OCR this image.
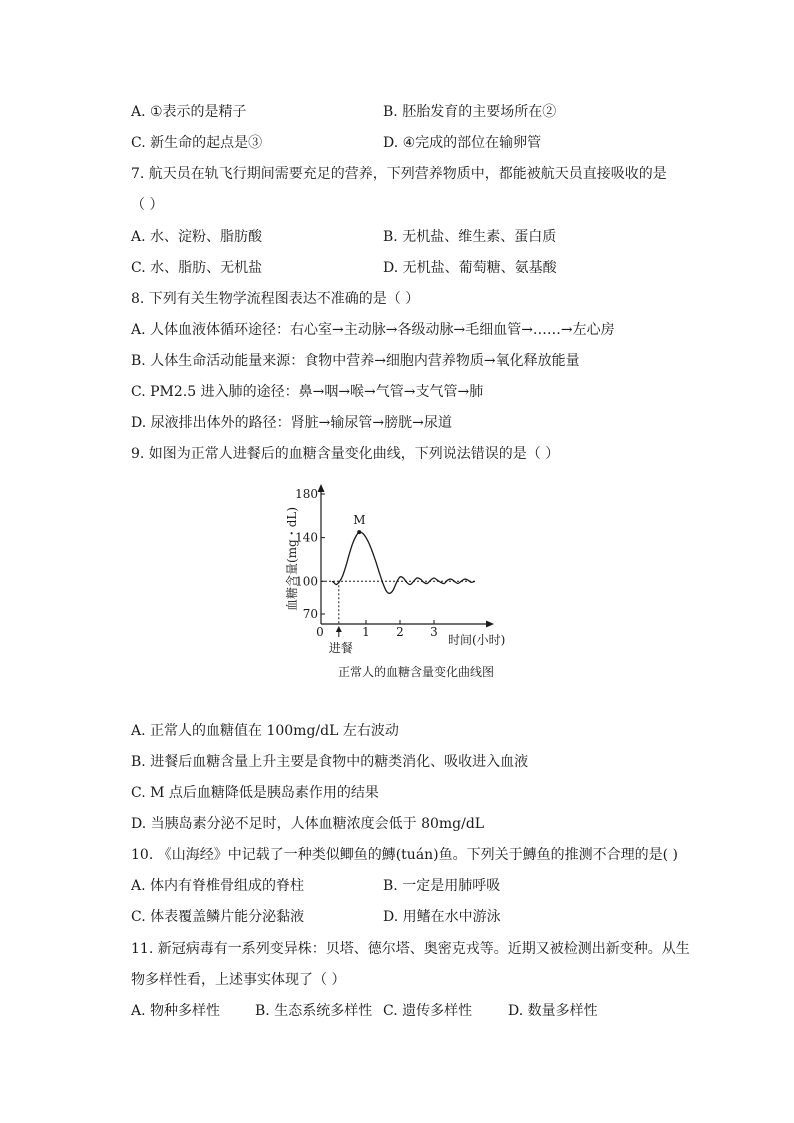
A. ①表示的是精子	B. 胚胎发育的主要场所在②
C. 新生命的起点是③	D. ④完成的部位在输卵管
7. 航天员在轨飞行期间需要充足的营养，下列营养物质中，都能被航天员直接吸收的是
（ ）
A. 水、淀粉、脂肪酸	B. 无机盐、维生素、蛋白质
C. 水、脂肪、无机盐	D. 无机盐、葡萄糖、氨基酸
8. 下列有关生物学流程图表达不准确的是（ ）
A. 人体血液体循环途径：右心室→主动脉→各级动脉→毛细血管→……→左心房
B. 人体生命活动能量来源：食物中营养→细胞内营养物质→氧化释放能量
C. PM2.5 进入肺的途径：鼻→咽→喉→气管→支气管→肺
D. 尿液排出体外的路径：肾脏→输尿管→膀胱→尿道
9. 如图为正常人进餐后的血糖含量变化曲线，下列说法错误的是（ ）
180
140
100
70
0	1 2 3
M
血糖含量(mg・dL)
时间(小时)
进餐
正常人的血糖含量变化曲线图
A. 正常人的血糖值在 100mg/dL 左右波动
B. 进餐后血糖含量上升主要是食物中的糖类消化、吸收进入血液
C. M 点后血糖降低是胰岛素作用的结果
D. 当胰岛素分泌不足时，人体血糖浓度会低于 80mg/dL
10. 《山海经》中记载了一种类似鲫鱼的鱄(tuán)鱼。下列关于鱄鱼的推测不合理的是( )
A. 体内有脊椎骨组成的脊柱	B. 一定是用肺呼吸
C. 体表覆盖鳞片能分泌黏液	D. 用鳍在水中游泳
11. 新冠病毒有一系列变异株：贝塔、德尔塔、奥密克戎等。近期又被检测出新变种。从生
物多样性看，上述事实体现了（ ）
A. 物种多样性 B. 生态系统多样性 C. 遗传多样性	D. 数量多样性
